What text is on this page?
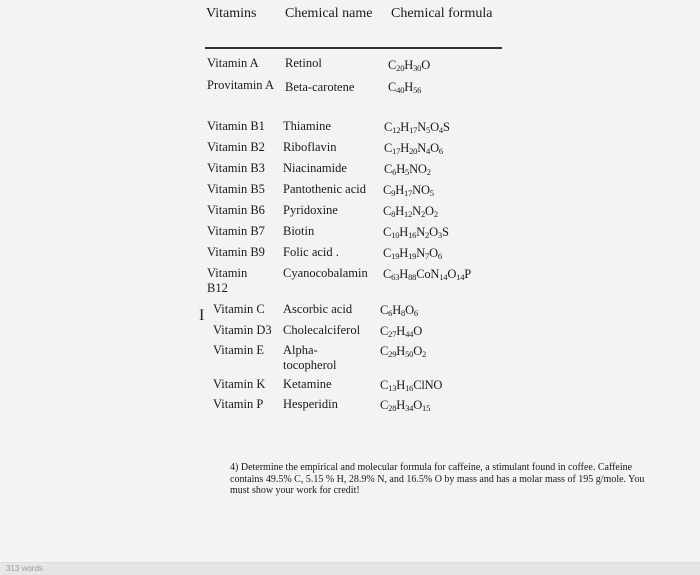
Vitamins Chemical name Chemical formula
Vitamin A
Provitamin A
Vitamin B1
Vitamin B2
Vitamin B3
Vitamin B5
Vitamin B6
Vitamin B7
Vitamin B9
Vitamin B12
Vitamin C
Vitamin D3
Vitamin E
Vitamin K
Vitamin P
Retinol
Beta-carotene
Thiamine
Riboflavin
Niacinamide
Pantothenic acid
Pyridoxine
Biotin
Folic acid .
Cyanocobalamin
Ascorbic acid
Cholecalciferol
Alpha-tocopherol
Ketamine
Hesperidin
$C_{20}H_{30}O$
$C_{40}H_{56}$
$C_{12}H_{17}N_5O_4S$
$C_{17}H_{20}N_4O_6$
$C_6H_5NO_2$
$C_9H_{17}NO_5$
$C_8H_{12}N_2O_2$
$C_{10}H_{16}N_2O_3S$
$C_{19}H_{19}N_7O_6$
$C_{63}H_{88}CoN_{14}O_{14}P$
$C_6H_8O_6$
$C_{27}H_{44}O$
$C_{29}H_{50}O_2$
$C_{13}H_{16}ClNO$
$C_{28}H_{34}O_{15}$
I
4) Determine the empirical and molecular formula for caffeine, a stimulant found in coffee. Caffeine contains 49.5% C, 5.15 % H, 28.9% N, and 16.5% O by mass and has a molar mass of 195 g/mole. You must show your work for credit!
313 words
